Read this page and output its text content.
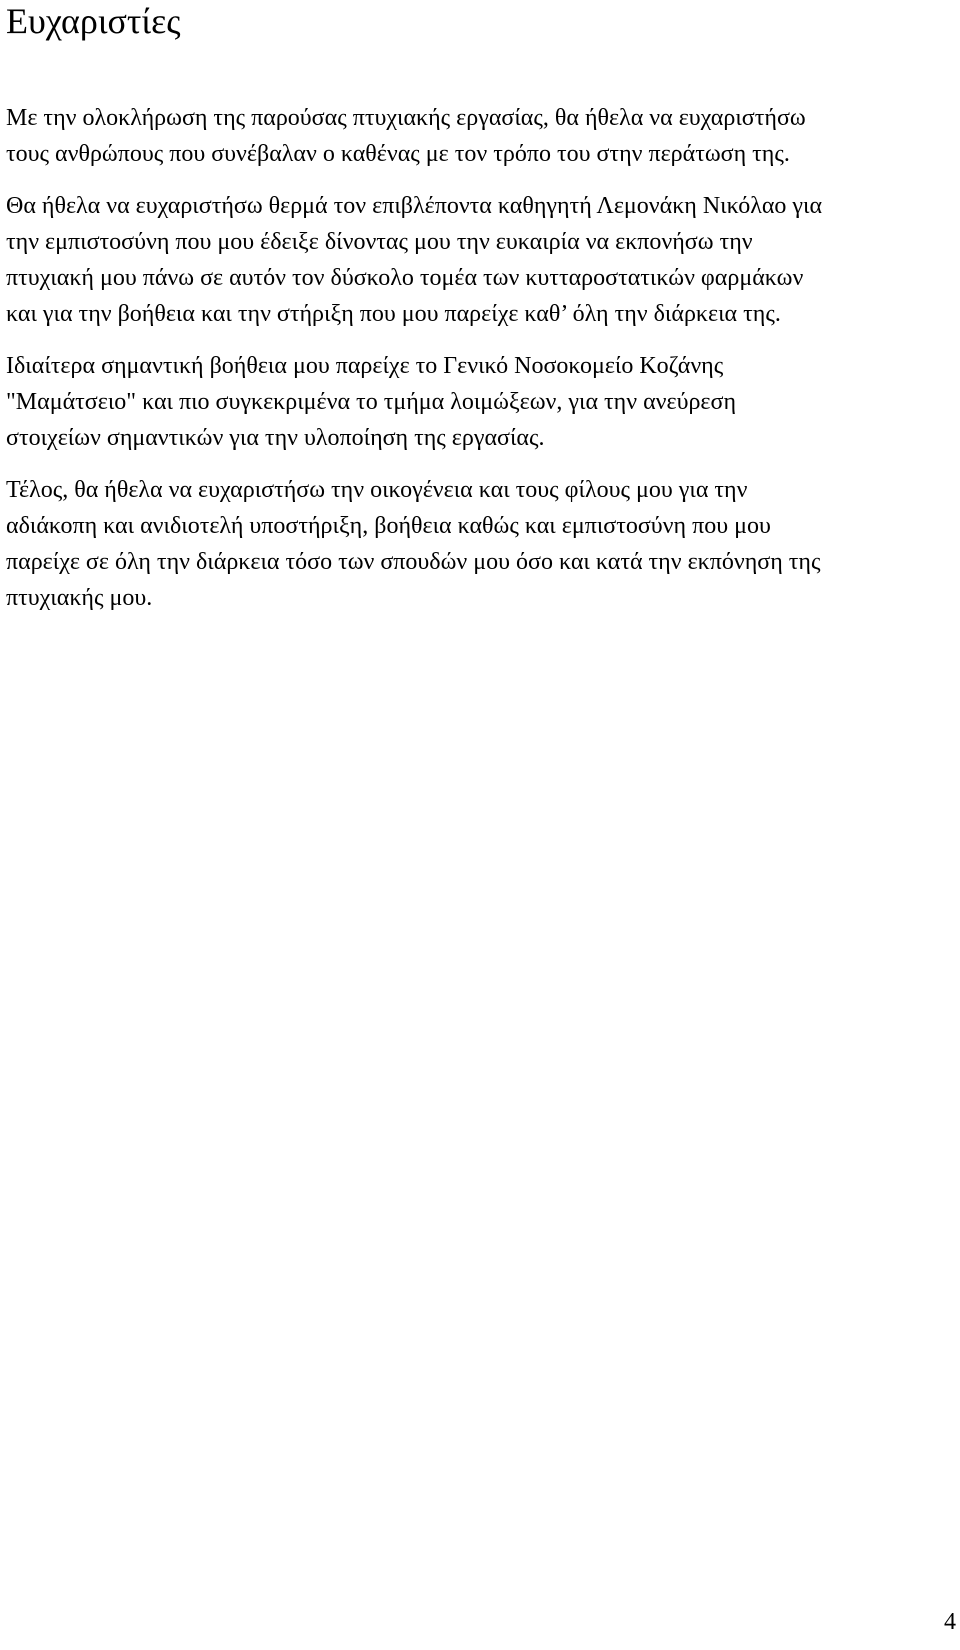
Ευχαριστίες

Με την ολοκλήρωση της παρούσας πτυχιακής εργασίας, θα ήθελα να ευχαριστήσω
τους ανθρώπους που συνέβαλαν ο καθένας με τον τρόπο του στην περάτωση της.

Θα ήθελα να ευχαριστήσω θερμά τον επιβλέποντα καθηγητή Λεμονάκη Νικόλαο για
την εμπιστοσύνη που μου έδειξε δίνοντας μου την ευκαιρία να εκπονήσω την
πτυχιακή μου πάνω σε αυτόν τον δύσκολο τομέα των κυτταροστατικών φαρμάκων
και για την βοήθεια και την στήριξη που μου παρείχε καθ’ όλη την διάρκεια της.

Ιδιαίτερα σημαντική βοήθεια μου παρείχε το Γενικό Νοσοκομείο Κοζάνης
"Μαμάτσειο" και πιο συγκεκριμένα το τμήμα λοιμώξεων, για την ανεύρεση
στοιχείων σημαντικών για την υλοποίηση της εργασίας.

Τέλος, θα ήθελα να ευχαριστήσω την οικογένεια και τους φίλους μου για την
αδιάκοπη και ανιδιοτελή υποστήριξη, βοήθεια καθώς και εμπιστοσύνη που μου
παρείχε σε όλη την διάρκεια τόσο των σπουδών μου όσο και κατά την εκπόνηση της
πτυχιακής μου.

4
